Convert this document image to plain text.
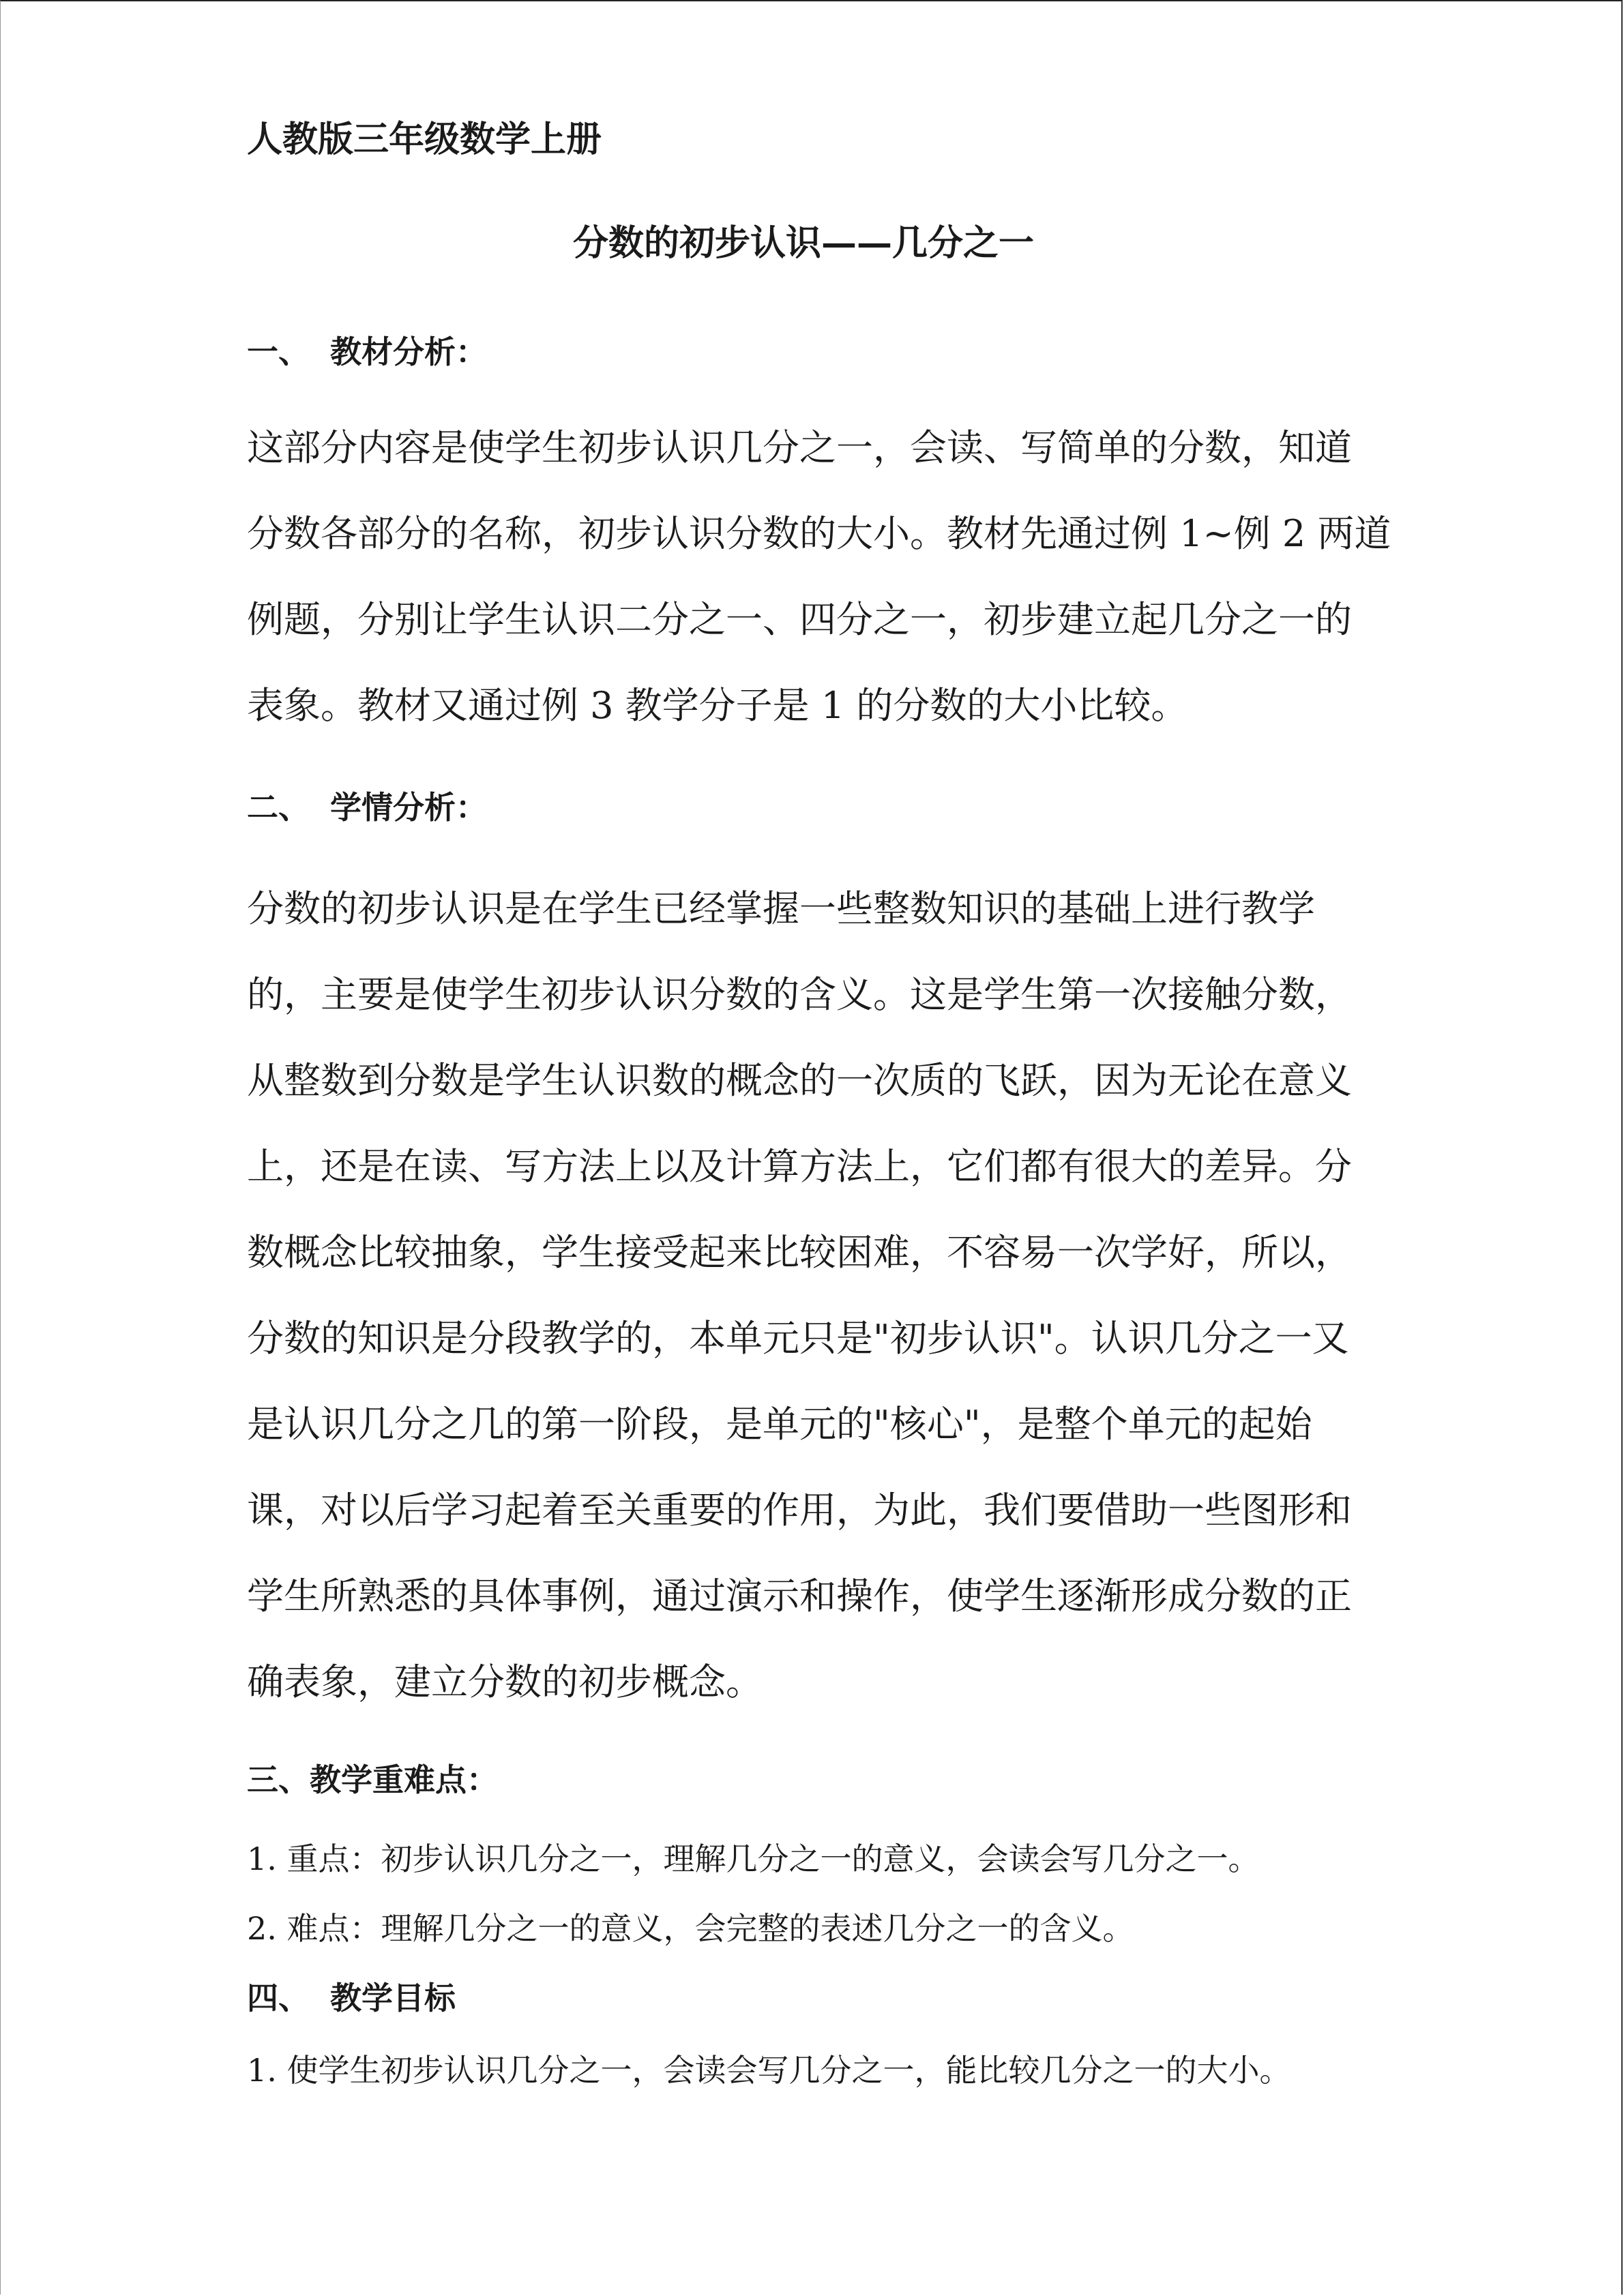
人教版三年级数学上册
分数的初步认识——几分之一
一、 教材分析：
这部分内容是使学生初步认识几分之一，会读、写简单的分数，知道
分数各部分的名称，初步认识分数的大小。教材先通过例 1~例 2 两道
例题，分别让学生认识二分之一、四分之一，初步建立起几分之一的
表象。教材又通过例 3 教学分子是 1 的分数的大小比较。
二、 学情分析：
分数的初步认识是在学生已经掌握一些整数知识的基础上进行教学
的，主要是使学生初步认识分数的含义。这是学生第一次接触分数，
从整数到分数是学生认识数的概念的一次质的飞跃，因为无论在意义
上，还是在读、写方法上以及计算方法上，它们都有很大的差异。分
数概念比较抽象，学生接受起来比较困难，不容易一次学好，所以，
分数的知识是分段教学的，本单元只是"初步认识"。认识几分之一又
是认识几分之几的第一阶段，是单元的"核心"，是整个单元的起始
课，对以后学习起着至关重要的作用，为此，我们要借助一些图形和
学生所熟悉的具体事例，通过演示和操作，使学生逐渐形成分数的正
确表象，建立分数的初步概念。
三、教学重难点：
1. 重点：初步认识几分之一，理解几分之一的意义，会读会写几分之一。
2. 难点：理解几分之一的意义，会完整的表述几分之一的含义。
四、 教学目标
1. 使学生初步认识几分之一，会读会写几分之一，能比较几分之一的大小。
